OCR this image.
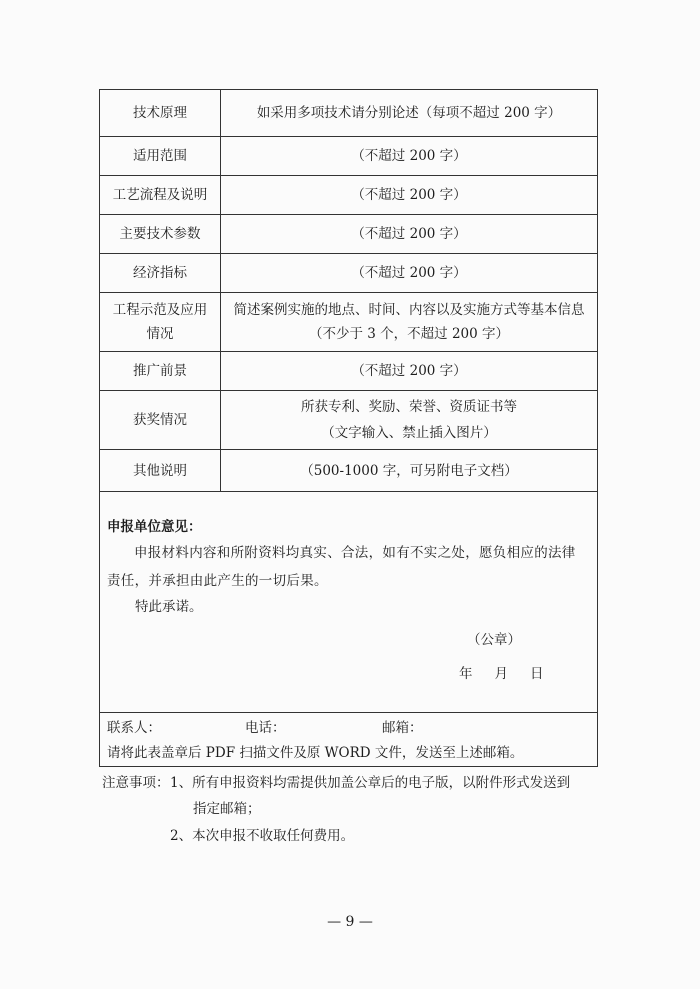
技术原理	如采用多项技术请分别论述（每项不超过 200 字）
适用范围	（不超过 200 字）
工艺流程及说明	（不超过 200 字）
主要技术参数	（不超过 200 字）
经济指标	（不超过 200 字）

工程示范及应用
情况	简述案例实施的地点、时间、内容以及实施方式等基本信息
（不少于 3 个，不超过 200 字）

推广前景	（不超过 200 字）
获奖情况	所获专利、奖励、荣誉、资质证书等
（文字输入、禁止插入图片）

其他说明	（500-1000 字，可另附电子文档）
申报单位意见：
申报材料内容和所附资料均真实、合法，如有不实之处，愿负相应的法律责任，并承担由此产生的一切后果。
特此承诺。
（公章）
年 月 日
联系人：	电话：	邮箱：
请将此表盖章后 PDF 扫描文件及原 WORD 文件，发送至上述邮箱。
注意事项： 1、所有申报资料均需提供加盖公章后的电子版，以附件形式发送到
指定邮箱；
2、本次申报不收取任何费用。
— 9 —
